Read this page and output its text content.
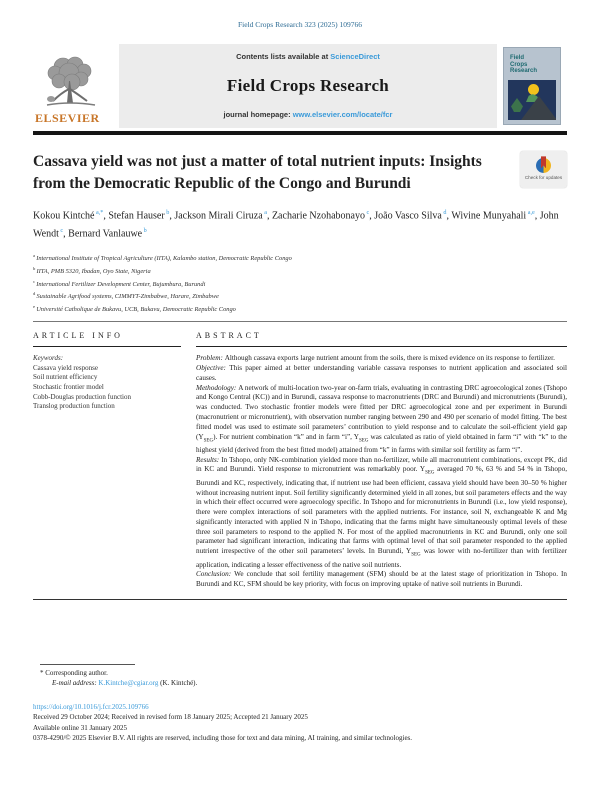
Field Crops Research 323 (2025) 109766
ELSEVIER
Contents lists available at ScienceDirect
Field Crops Research
journal homepage: www.elsevier.com/locate/fcr
Field
Crops
Research
Cassava yield was not just a matter of total nutrient inputs: Insights from the Democratic Republic of the Congo and Burundi	Check for updates
Kokou Kintché $^{a,*}$, Stefan Hauser $^b$, Jackson Mirali Ciruza $^a$, Zacharie Nzohabonayo $^c$, João Vasco Silva $^d$, Wivine Munyahali $^{a,e}$, John Wendt $^c$, Bernard Vanlauwe $^b$
$^a$ International Institute of Tropical Agriculture (IITA), Kalambo station, Democratic Republic Congo
$^b$ IITA, PMB 5320, Ibadan, Oyo State, Nigeria
$^c$ International Fertilizer Development Center, Bujumbura, Burundi
$^d$ Sustainable Agrifood systems, CIMMYT-Zimbabwe, Harare, Zimbabwe
$^e$ Université Catholique de Bukavu, UCB, Bukavu, Democratic Republic Congo
ARTICLE INFO
Keywords:
Cassava yield response
Soil nutrient efficiency
Stochastic frontier model
Cobb-Douglas production function
Translog production function
ABSTRACT

Problem: Although cassava exports large nutrient amount from the soils, there is mixed evidence on its response to fertilizer.

Objective: This paper aimed at better understanding variable cassava responses to nutrient application and associated soil causes.

Methodology: A network of multi-location two-year on-farm trials, evaluating in contrasting DRC agroecological zones (Tshopo and Kongo Central (KC)) and in Burundi, cassava response to macronutrients (DRC and Burundi) and micronutrients (Burundi), was conducted. Two stochastic frontier models were fitted per DRC agroecological zone and per experiment in Burundi (macronutrient or micronutrient), with observation number ranging between 290 and 490 per scenario of model fitting. The best fitted model was used to estimate soil parameters’ contribution to yield response and to calculate the soil-efficient yield gap $(Y_{SEG})$. For nutrient combination “k” and in farm “i”, $Y_{SEG}$ was calculated as ratio of yield obtained in farm “i” with “k” to the highest yield (derived from the best fitted model) attained from “k” in farms with similar soil fertility as farm “i”.

Results: In Tshopo, only NK-combination yielded more than no-fertilizer, while all macronutrient combinations, except PK, did in KC and Burundi. Yield response to micronutrient was remarkably poor. $Y_{SEG}$ averaged 70 %, 63 % and 54 % in Tshopo, Burundi and KC, respectively, indicating that, if nutrient use had been efficient, cassava yield should have been 30–50 % higher without increasing nutrient input. Soil fertility significantly determined yield in all zones, but soil parameters effects and the way in which their effect occurred were agroecology specific. In Tshopo and for micronutrients in Burundi (i.e., low yield response), there were complex interactions of soil parameters with the applied nutrients. For instance, soil N, exchangeable K and Mg significantly interacted with applied N in Tshopo, indicating that the farms might have simultaneously optimal levels of these three soil parameters to respond to the applied N. For most of the applied macronutrients in KC and Burundi, only one soil parameter had significant interaction, indicating that farms with optimal level of that soil parameter responded to the applied nutrient irrespective of the other soil parameters’ levels. In Burundi, $Y_{SEG}$ was lower with no-fertilizer than with fertilizer application, indicating a lesser effectiveness of the native soil nutrients.

Conclusion: We conclude that soil fertility management (SFM) should be at the latest stage of prioritization in Tshopo. In Burundi and KC, SFM should be key priority, with focus on improving uptake of native soil nutrients in Burundi.

* Corresponding author.
E-mail address: K.Kintche@cgiar.org (K. Kintché).
https://doi.org/10.1016/j.fcr.2025.109766
Received 29 October 2024; Received in revised form 18 January 2025; Accepted 21 January 2025
Available online 31 January 2025
0378-4290/© 2025 Elsevier B.V. All rights are reserved, including those for text and data mining, AI training, and similar technologies.
